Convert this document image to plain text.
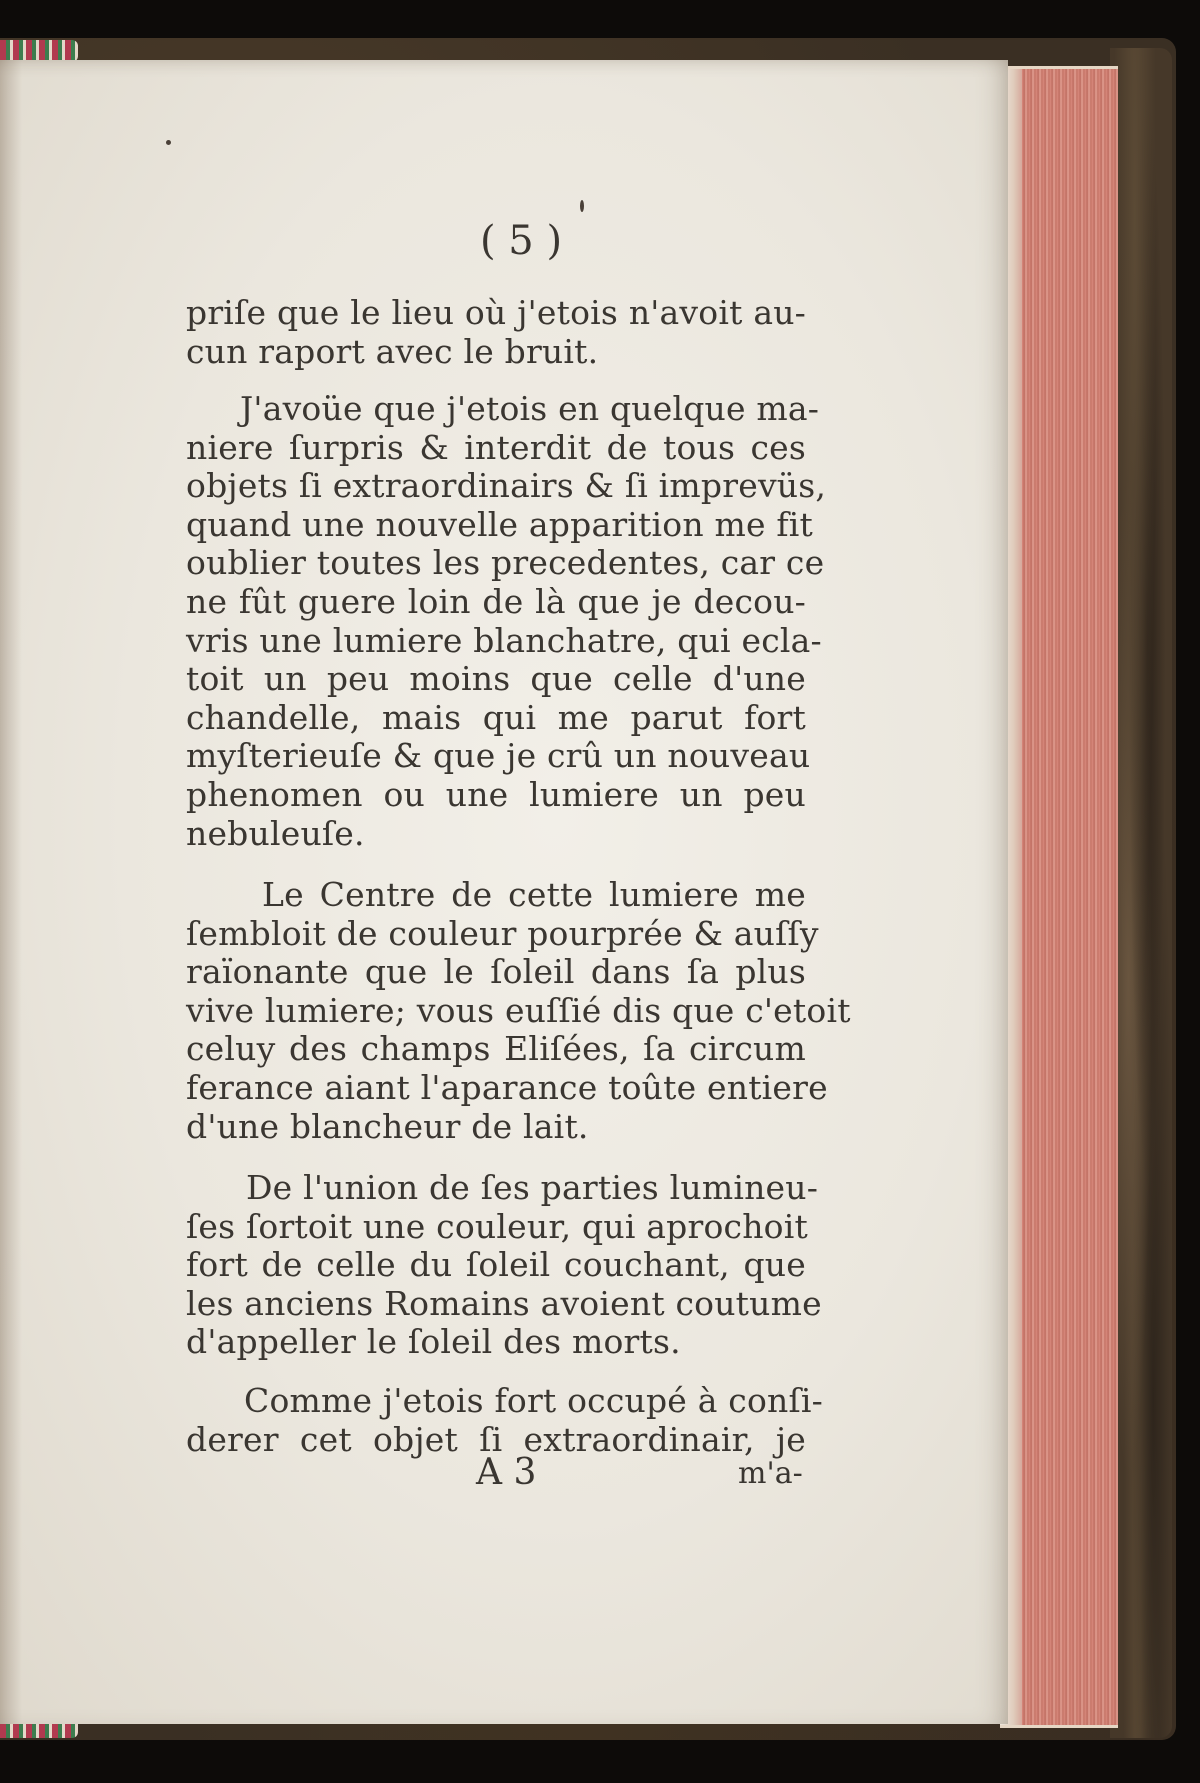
( 5 )
priſe que le lieu où j'etois n'avoit au-
cun raport avec le bruit.
J'avoüe que j'etois en quelque ma-
niere ſurpris & interdit de tous ces
objets ſi extraordinairs & ſi imprevüs,
quand une nouvelle apparition me fit
oublier toutes les precedentes, car ce
ne fût guere loin de là que je decou-
vris une lumiere blanchatre, qui ecla-
toit un peu moins que celle d'une
chandelle, mais qui me parut fort
myſterieuſe & que je crû un nouveau
phenomen ou une lumiere un peu
nebuleuſe.
Le Centre de cette lumiere me
ſembloit de couleur pourprée & auſſy
raïonante que le ſoleil dans ſa plus
vive lumiere; vous euſſié dis que c'etoit
celuy des champs Eliſées, ſa circum
ferance aiant l'aparance toûte entiere
d'une blancheur de lait.
De l'union de ſes parties lumineu-
ſes ſortoit une couleur, qui aprochoit
fort de celle du ſoleil couchant, que
les anciens Romains avoient coutume
d'appeller le ſoleil des morts.
Comme j'etois fort occupé à conſi-
derer cet objet ſi extraordinair, je
A 3	m'a-
